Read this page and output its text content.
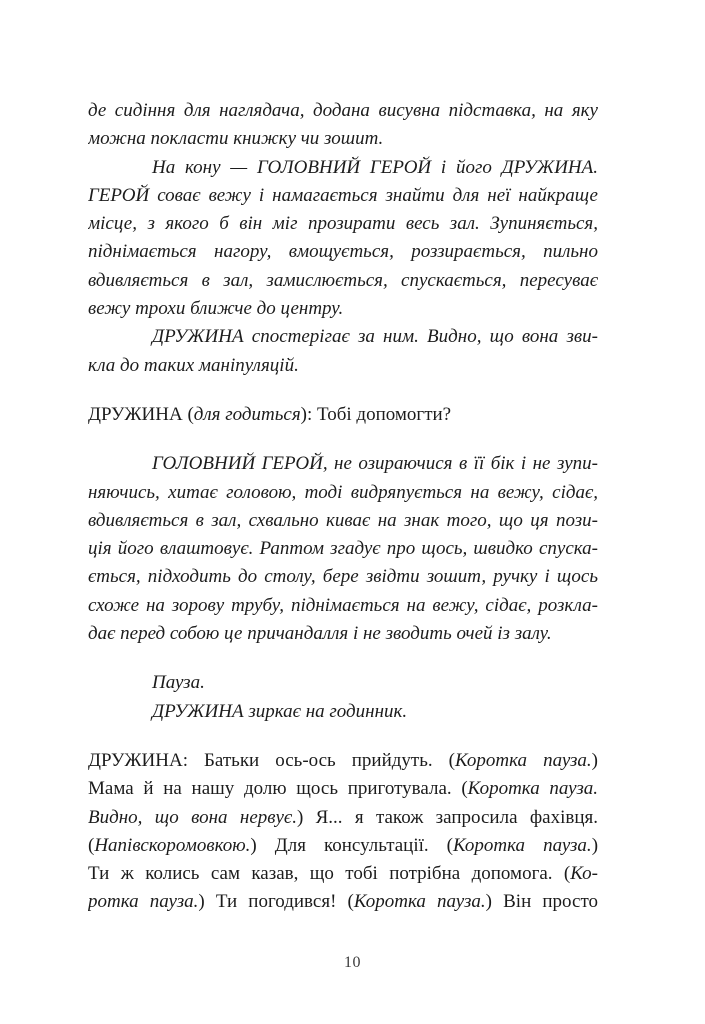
де сидіння для наглядача, додана висувна підставка, на яку
можна покласти книжку чи зошит.
На кону — ГОЛОВНИЙ ГЕРОЙ і його ДРУЖИНА.
ГЕРОЙ соває вежу і намагається знайти для неї найкраще
місце, з якого б він міг прозирати весь зал. Зупиняється,
піднімається нагору, вмощується, роззирається, пильно
вдивляється в зал, замислюється, спускається, пересуває
вежу трохи ближче до центру.
ДРУЖИНА спостерігає за ним. Видно, що вона зви-
кла до таких маніпуляцій.
ДРУЖИНА (для годиться): Тобі допомогти?
ГОЛОВНИЙ ГЕРОЙ, не озираючися в її бік і не зупи-
няючись, хитає головою, тоді видряпується на вежу, сідає,
вдивляється в зал, схвально киває на знак того, що ця пози-
ція його влаштовує. Раптом згадує про щось, швидко спуска-
ється, підходить до столу, бере звідти зошит, ручку і щось
схоже на зорову трубу, піднімається на вежу, сідає, розкла-
дає перед собою це причандалля і не зводить очей із залу.
Пауза.
ДРУЖИНА зиркає на годинник.
ДРУЖИНА: Батьки ось-ось прийдуть. (Коротка пауза.)
Мама й на нашу долю щось приготувала. (Коротка пауза.
Видно, що вона нервує.) Я... я також запросила фахівця.
(Напівскоромовкою.) Для консультації. (Коротка пауза.)
Ти ж колись сам казав, що тобі потрібна допомога. (Ко-
ротка пауза.) Ти погодився! (Коротка пауза.) Він просто
10
